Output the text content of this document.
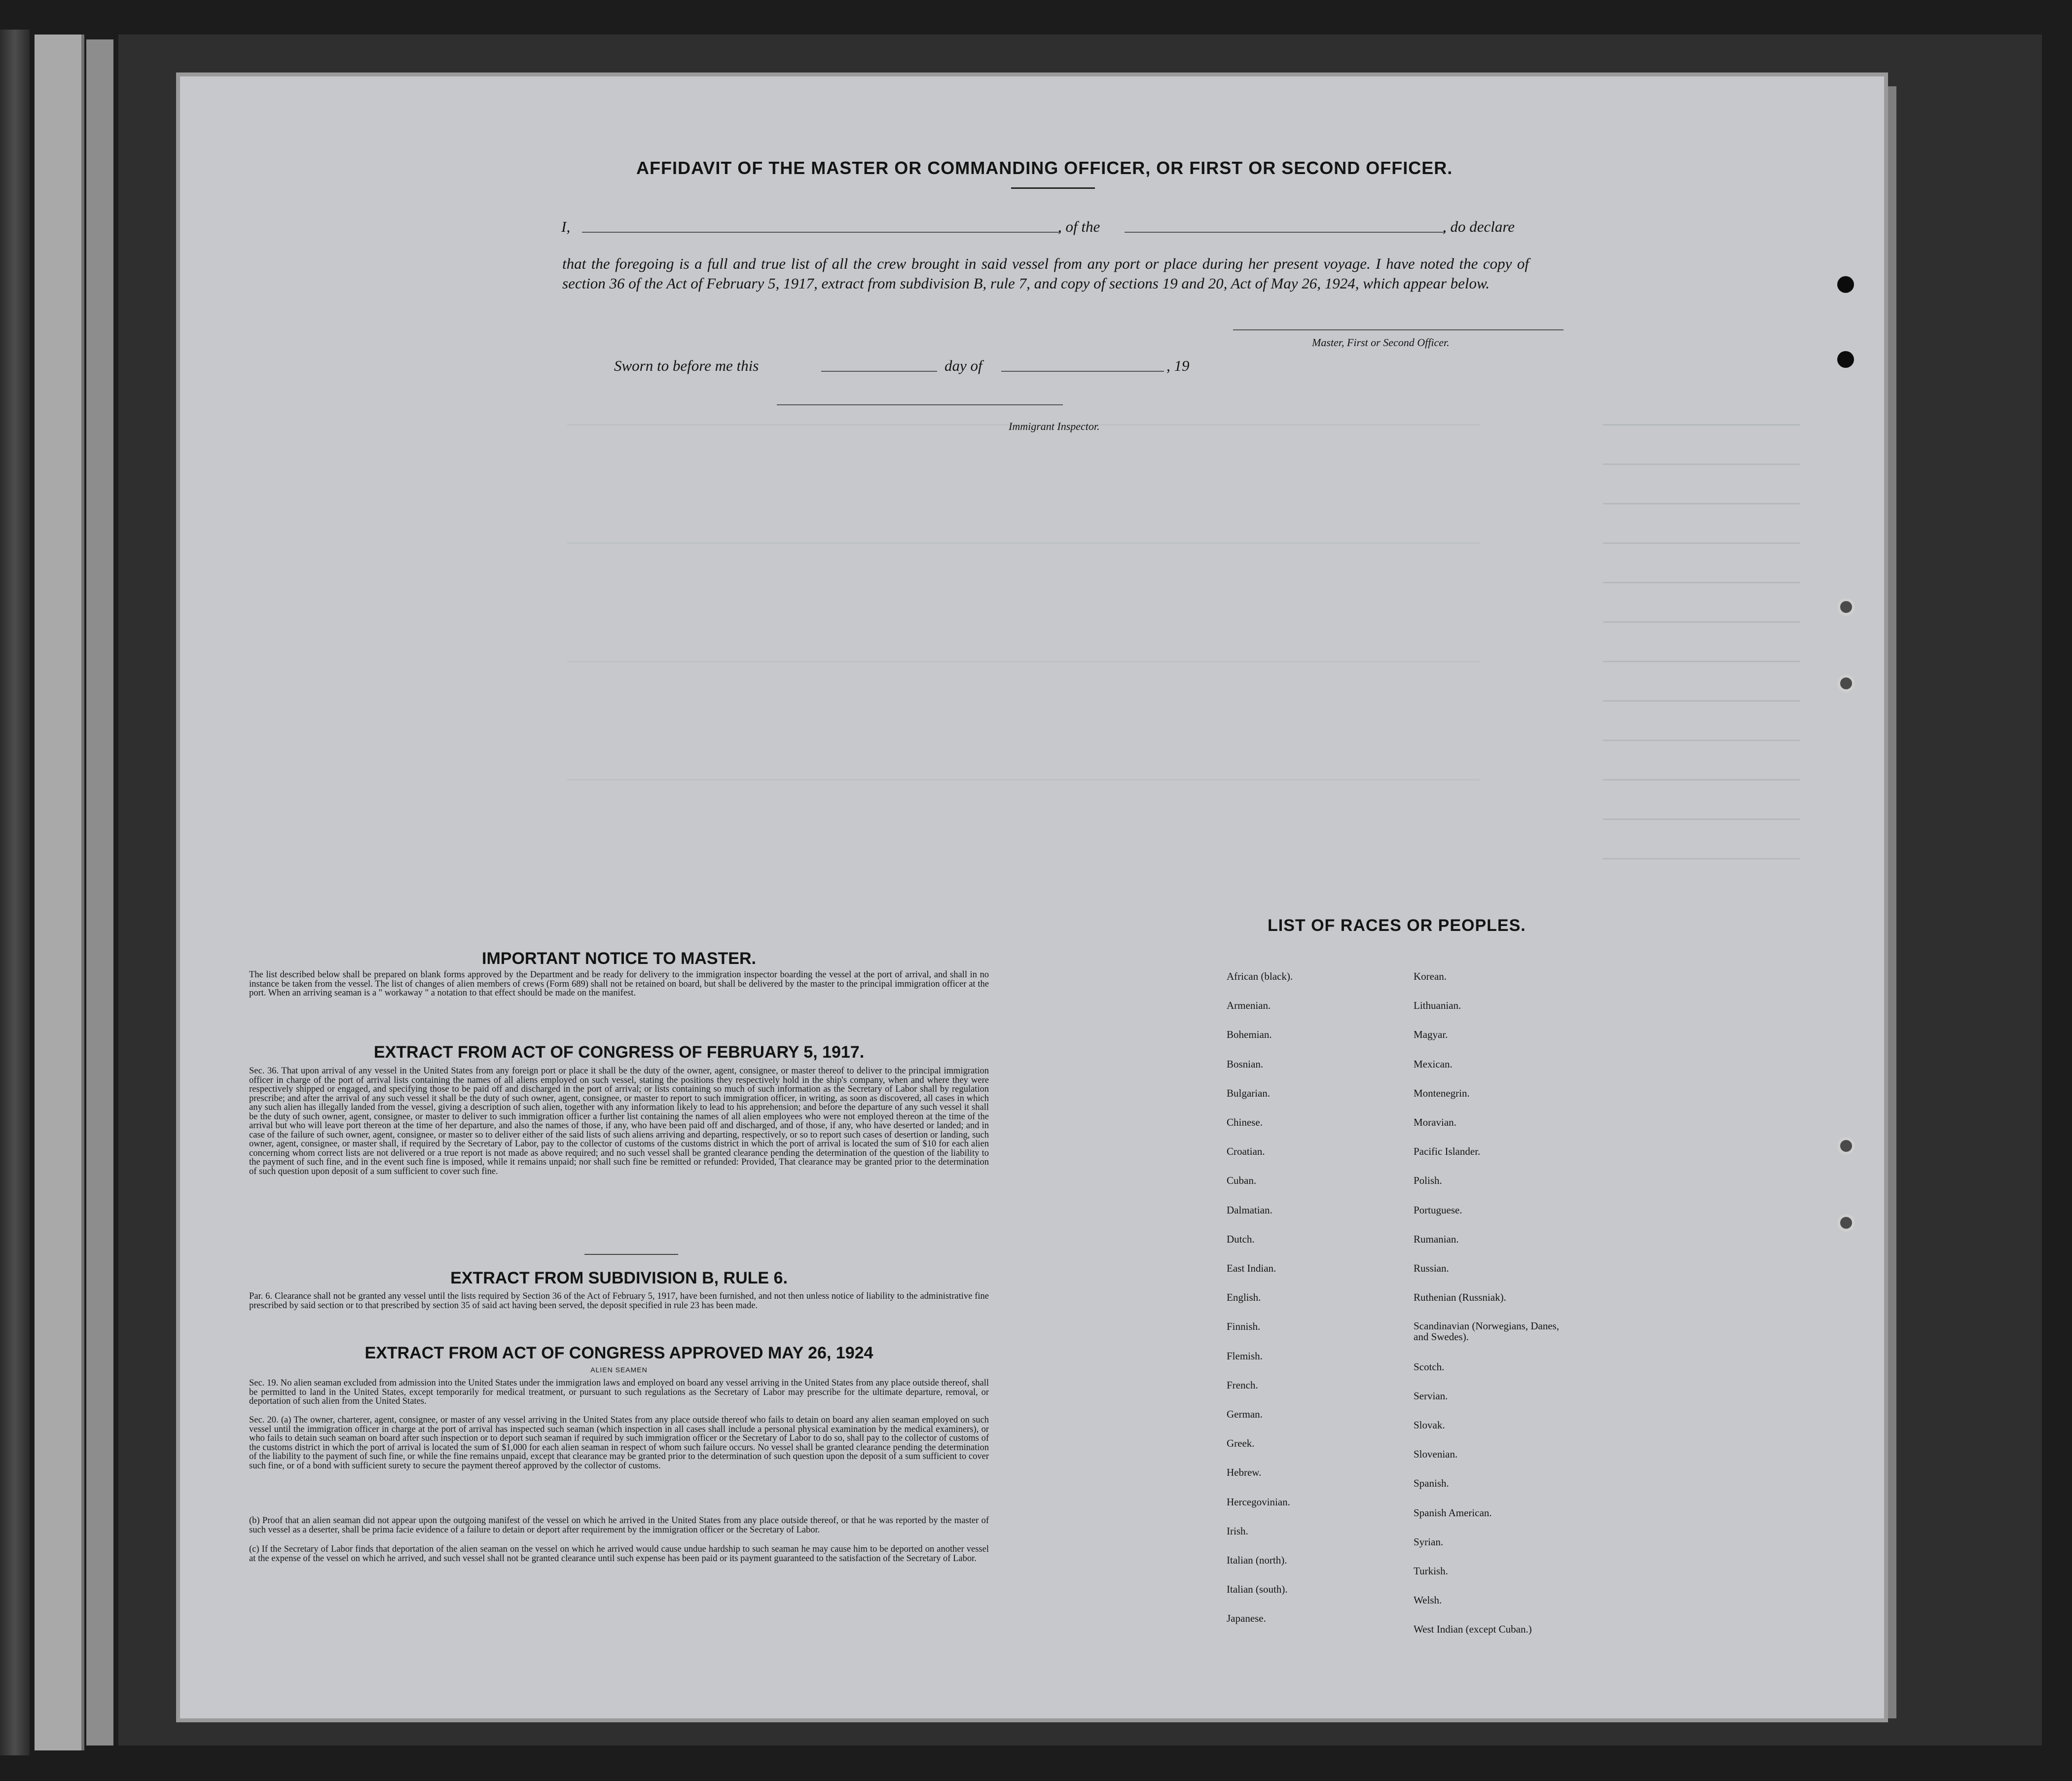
AFFIDAVIT OF THE MASTER OR COMMANDING OFFICER, OR FIRST OR SECOND OFFICER.
I,	, of the	, do declare
that the foregoing is a full and true list of all the crew brought in said vessel from any port or place during her present voyage. I have noted the copy of section 36 of the Act of February 5, 1917, extract from subdivision B, rule 7, and copy of sections 19 and 20, Act of May 26, 1924, which appear below.
Master, First or Second Officer.
Sworn to before me this	day of	, 19
Immigrant Inspector.
IMPORTANT NOTICE TO MASTER.
The list described below shall be prepared on blank forms approved by the Department and be ready for delivery to the immigration inspector boarding the vessel at the port of arrival, and shall in no instance be taken from the vessel. The list of changes of alien members of crews (Form 689) shall not be retained on board, but shall be delivered by the master to the principal immigration officer at the port. When an arriving seaman is a " workaway " a notation to that effect should be made on the manifest.
EXTRACT FROM ACT OF CONGRESS OF FEBRUARY 5, 1917.
Sec. 36. That upon arrival of any vessel in the United States from any foreign port or place it shall be the duty of the owner, agent, consignee, or master thereof to deliver to the principal immigration officer in charge of the port of arrival lists containing the names of all aliens employed on such vessel, stating the positions they respectively hold in the ship's company, when and where they were respectively shipped or engaged, and specifying those to be paid off and discharged in the port of arrival; or lists containing so much of such information as the Secretary of Labor shall by regulation prescribe; and after the arrival of any such vessel it shall be the duty of such owner, agent, consignee, or master to report to such immigration officer, in writing, as soon as discovered, all cases in which any such alien has illegally landed from the vessel, giving a description of such alien, together with any information likely to lead to his apprehension; and before the departure of any such vessel it shall be the duty of such owner, agent, consignee, or master to deliver to such immigration officer a further list containing the names of all alien employees who were not employed thereon at the time of the arrival but who will leave port thereon at the time of her departure, and also the names of those, if any, who have been paid off and discharged, and of those, if any, who have deserted or landed; and in case of the failure of such owner, agent, consignee, or master so to deliver either of the said lists of such aliens arriving and departing, respectively, or so to report such cases of desertion or landing, such owner, agent, consignee, or master shall, if required by the Secretary of Labor, pay to the collector of customs of the customs district in which the port of arrival is located the sum of $10 for each alien concerning whom correct lists are not delivered or a true report is not made as above required; and no such vessel shall be granted clearance pending the determination of the question of the liability to the payment of such fine, and in the event such fine is imposed, while it remains unpaid; nor shall such fine be remitted or refunded: Provided, That clearance may be granted prior to the determination of such question upon deposit of a sum sufficient to cover such fine.
EXTRACT FROM SUBDIVISION B, RULE 6.
Par. 6. Clearance shall not be granted any vessel until the lists required by Section 36 of the Act of February 5, 1917, have been furnished, and not then unless notice of liability to the administrative fine prescribed by said section or to that prescribed by section 35 of said act having been served, the deposit specified in rule 23 has been made.
EXTRACT FROM ACT OF CONGRESS APPROVED MAY 26, 1924
ALIEN SEAMEN
Sec. 19. No alien seaman excluded from admission into the United States under the immigration laws and employed on board any vessel arriving in the United States from any place outside thereof, shall be permitted to land in the United States, except temporarily for medical treatment, or pursuant to such regulations as the Secretary of Labor may prescribe for the ultimate departure, removal, or deportation of such alien from the United States.
Sec. 20. (a) The owner, charterer, agent, consignee, or master of any vessel arriving in the United States from any place outside thereof who fails to detain on board any alien seaman employed on such vessel until the immigration officer in charge at the port of arrival has inspected such seaman (which inspection in all cases shall include a personal physical examination by the medical examiners), or who fails to detain such seaman on board after such inspection or to deport such seaman if required by such immigration officer or the Secretary of Labor to do so, shall pay to the collector of customs of the customs district in which the port of arrival is located the sum of $1,000 for each alien seaman in respect of whom such failure occurs. No vessel shall be granted clearance pending the determination of the liability to the payment of such fine, or while the fine remains unpaid, except that clearance may be granted prior to the determination of such question upon the deposit of a sum sufficient to cover such fine, or of a bond with sufficient surety to secure the payment thereof approved by the collector of customs.
(b) Proof that an alien seaman did not appear upon the outgoing manifest of the vessel on which he arrived in the United States from any place outside thereof, or that he was reported by the master of such vessel as a deserter, shall be prima facie evidence of a failure to detain or deport after requirement by the immigration officer or the Secretary of Labor.
(c) If the Secretary of Labor finds that deportation of the alien seaman on the vessel on which he arrived would cause undue hardship to such seaman he may cause him to be deported on another vessel at the expense of the vessel on which he arrived, and such vessel shall not be granted clearance until such expense has been paid or its payment guaranteed to the satisfaction of the Secretary of Labor.
LIST OF RACES OR PEOPLES.
African (black).
Armenian.
Bohemian.
Bosnian.
Bulgarian.
Chinese.
Croatian.
Cuban.
Dalmatian.
Dutch.
East Indian.
English.
Finnish.
Flemish.
French.
German.
Greek.
Hebrew.
Hercegovinian.
Irish.
Italian (north).
Italian (south).
Japanese.
Korean.
Lithuanian.
Magyar.
Mexican.
Montenegrin.
Moravian.
Pacific Islander.
Polish.
Portuguese.
Rumanian.
Russian.
Ruthenian (Russniak).
Scandinavian (Norwegians, Danes, and Swedes).
Scotch.
Servian.
Slovak.
Slovenian.
Spanish.
Spanish American.
Syrian.
Turkish.
Welsh.
West Indian (except Cuban.)
